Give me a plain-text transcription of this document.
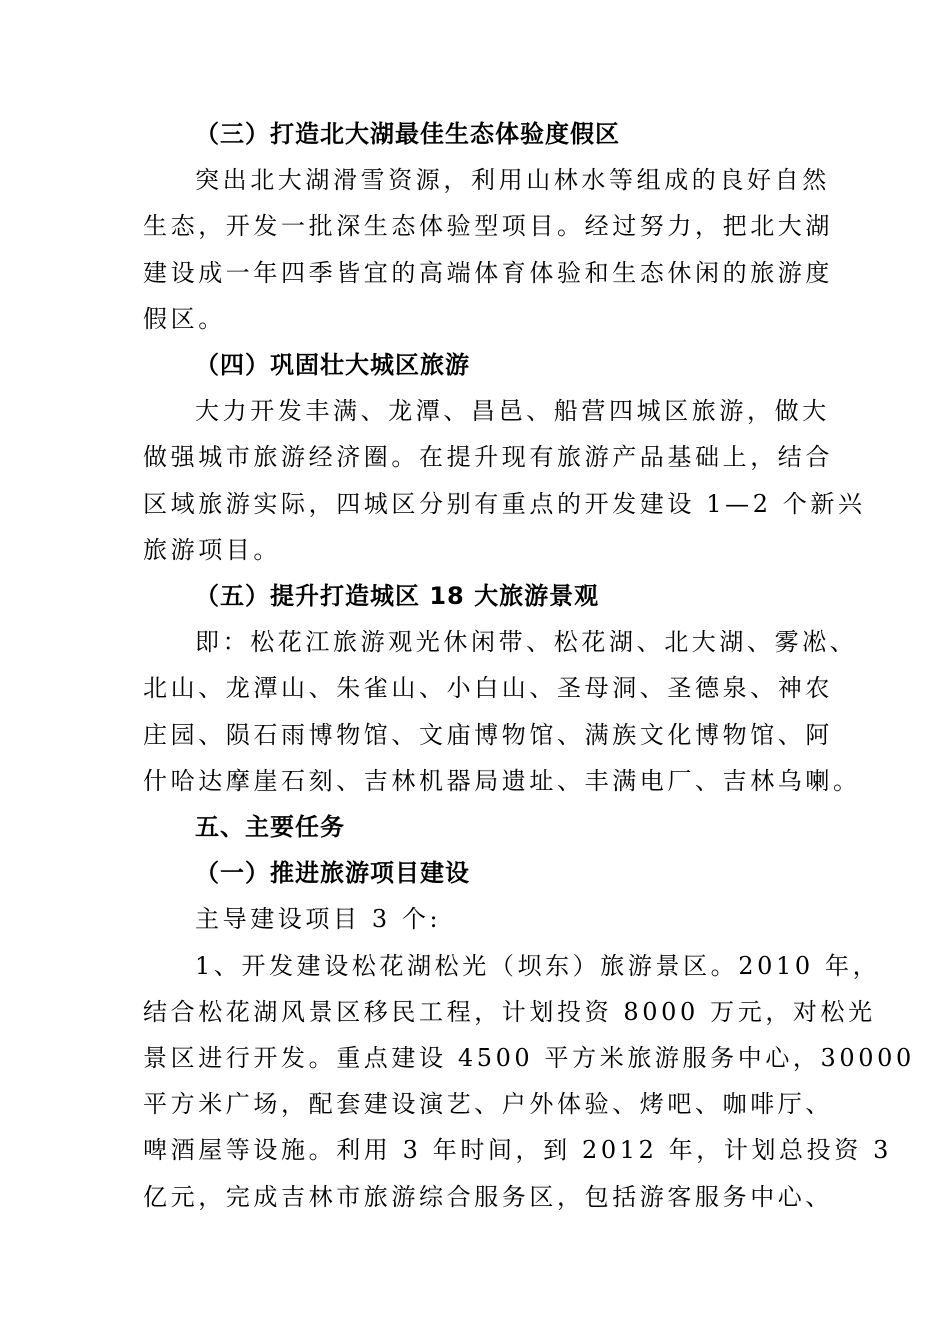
（三）打造北大湖最佳生态体验度假区
突出北大湖滑雪资源，利用山林水等组成的良好自然
生态，开发一批深生态体验型项目。经过努力，把北大湖
建设成一年四季皆宜的高端体育体验和生态休闲的旅游度
假区。
（四）巩固壮大城区旅游
大力开发丰满、龙潭、昌邑、船营四城区旅游，做大
做强城市旅游经济圈。在提升现有旅游产品基础上，结合
区域旅游实际，四城区分别有重点的开发建设 1—2 个新兴
旅游项目。
（五）提升打造城区 18 大旅游景观
即：松花江旅游观光休闲带、松花湖、北大湖、雾凇、
北山、龙潭山、朱雀山、小白山、圣母洞、圣德泉、神农
庄园、陨石雨博物馆、文庙博物馆、满族文化博物馆、阿
什哈达摩崖石刻、吉林机器局遗址、丰满电厂、吉林乌喇。
五、主要任务
（一）推进旅游项目建设
主导建设项目 3 个:
1、开发建设松花湖松光（坝东）旅游景区。2010 年，
结合松花湖风景区移民工程，计划投资 8000 万元，对松光
景区进行开发。重点建设 4500 平方米旅游服务中心，30000
平方米广场，配套建设演艺、户外体验、烤吧、咖啡厅、
啤酒屋等设施。利用 3 年时间，到 2012 年，计划总投资 3
亿元，完成吉林市旅游综合服务区，包括游客服务中心、
